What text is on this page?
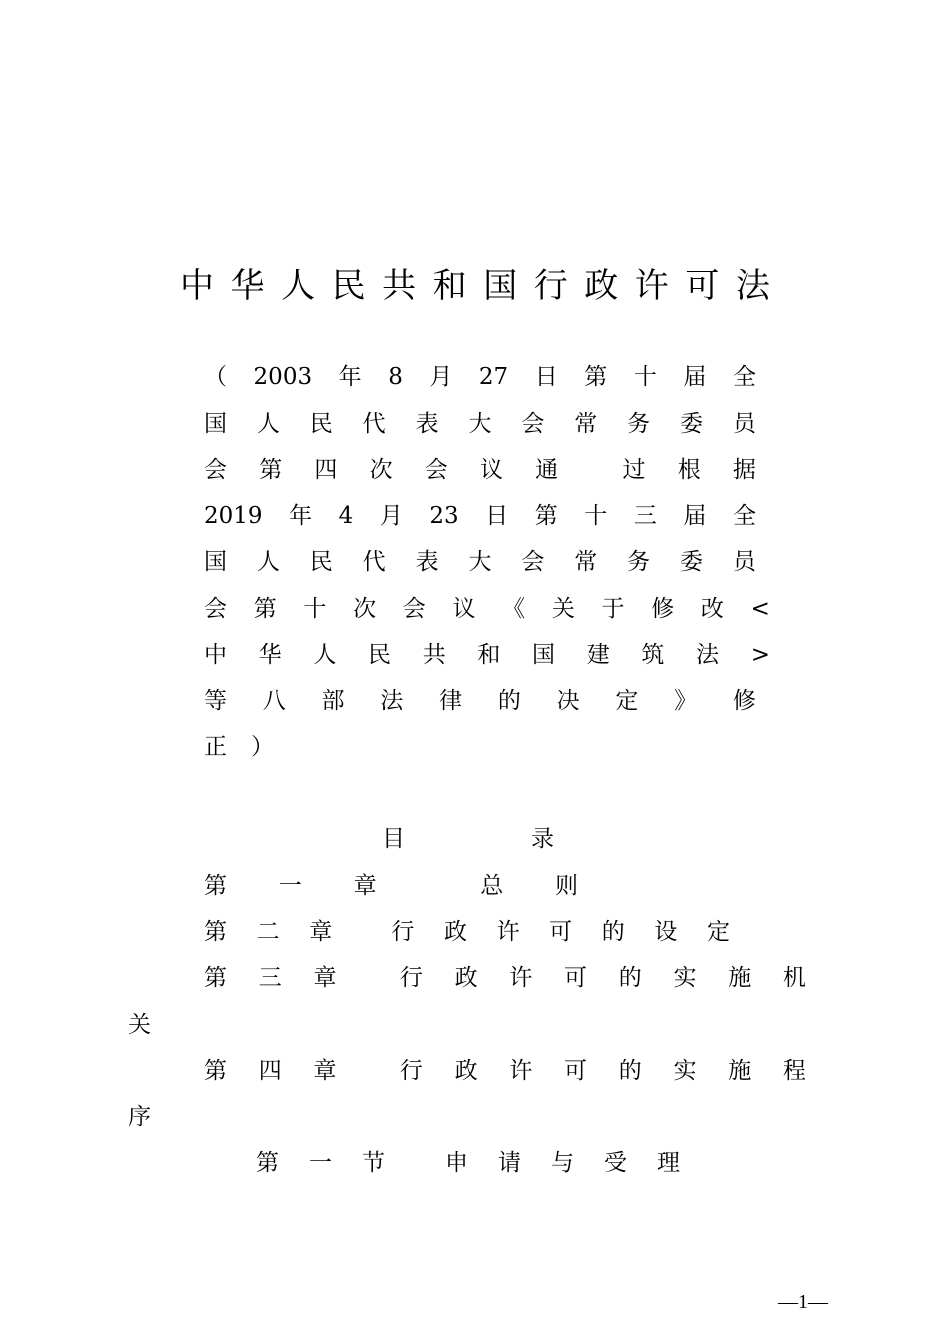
中 华 人 民 共 和 国 行 政 许 可 法
（ 2003 年 8 月 27 日 第 十 届 全
国 人 民 代 表 大 会 常 务 委 员
会 第 四 次 会 议 通	过 根 据
2019 年 4 月 23 日 第 十 三 届 全
国 人 民 代 表 大 会 常 务 委 员
会 第 十 次 会 议 《 关 于 修 改 <
中 华 人 民 共 和 国 建 筑 法 >
等 八 部 法 律 的 决 定 》 修
正 ）
目	录
第 一 章	总 则
第 二 章	行 政 许 可 的 设 定
第 三 章	行 政 许 可 的 实 施 机
关
第 四 章	行 政 许 可 的 实 施 程
序
第 一 节	申 请 与 受 理
—1—
